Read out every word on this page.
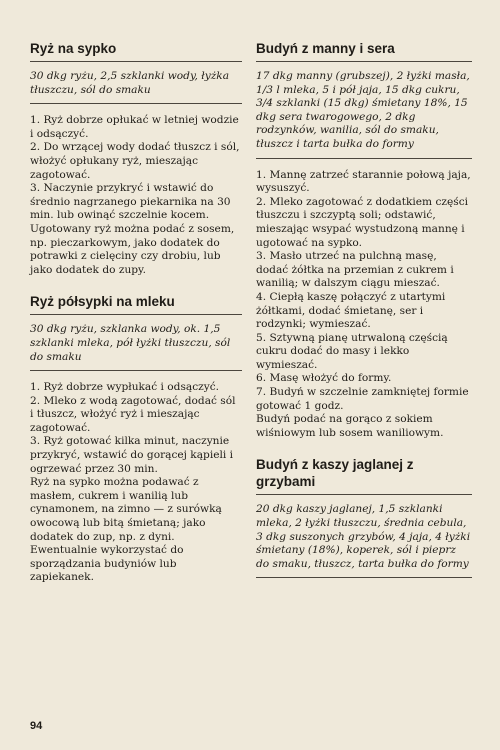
Ryż na sypko
30 dkg ryżu, 2,5 szklanki wody, łyżka tłuszczu, sól do smaku

1. Ryż dobrze opłukać w letniej wodzie i odsączyć.

2. Do wrzącej wody dodać tłuszcz i sól, włożyć opłukany ryż, mieszając zagotować.

3. Naczynie przykryć i wstawić do średnio nagrzanego piekarnika na 30 min. lub owinąć szczelnie kocem.

Ugotowany ryż można podać z sosem, np. pieczarkowym, jako dodatek do potrawki z cielęciny czy drobiu, lub jako dodatek do zupy.

Ryż półsypki na mleku
30 dkg ryżu, szklanka wody, ok. 1,5 szklanki mleka, pół łyżki tłuszczu, sól do smaku

1. Ryż dobrze wypłukać i odsączyć.

2. Mleko z wodą zagotować, dodać sól i tłuszcz, włożyć ryż i mieszając zagotować.

3. Ryż gotować kilka minut, naczynie przykryć, wstawić do gorącej kąpieli i ogrzewać przez 30 min.

Ryż na sypko można podawać z masłem, cukrem i wanilią lub cynamonem, na zimno — z surówką owocową lub bitą śmietaną; jako dodatek do zup, np. z dyni. Ewentualnie wykorzystać do sporządzania budyniów lub zapiekanek.

Budyń z manny i sera
17 dkg manny (grubszej), 2 łyżki masła, 1/3 l mleka, 5 i pół jaja, 15 dkg cukru, 3/4 szklanki (15 dkg) śmietany 18%, 15 dkg sera twarogowego, 2 dkg rodzynków, wanilia, sól do smaku, tłuszcz i tarta bułka do formy

1. Mannę zatrzeć starannie połową jaja, wysuszyć.

2. Mleko zagotować z dodatkiem części tłuszczu i szczyptą soli; odstawić, mieszając wsypać wystudzoną mannę i ugotować na sypko.

3. Masło utrzeć na pulchną masę, dodać żółtka na przemian z cukrem i wanilią; w dalszym ciągu mieszać.

4. Ciepłą kaszę połączyć z utartymi żółtkami, dodać śmietanę, ser i rodzynki; wymieszać.

5. Sztywną pianę utrwaloną częścią cukru dodać do masy i lekko wymieszać.

6. Masę włożyć do formy.

7. Budyń w szczelnie zamkniętej formie gotować 1 godz.

Budyń podać na gorąco z sokiem wiśniowym lub sosem waniliowym.

Budyń z kaszy jaglanej z grzybami
20 dkg kaszy jaglanej, 1,5 szklanki mleka, 2 łyżki tłuszczu, średnia cebula, 3 dkg suszonych grzybów, 4 jaja, 4 łyżki śmietany (18%), koperek, sól i pieprz do smaku, tłuszcz, tarta bułka do formy
94
